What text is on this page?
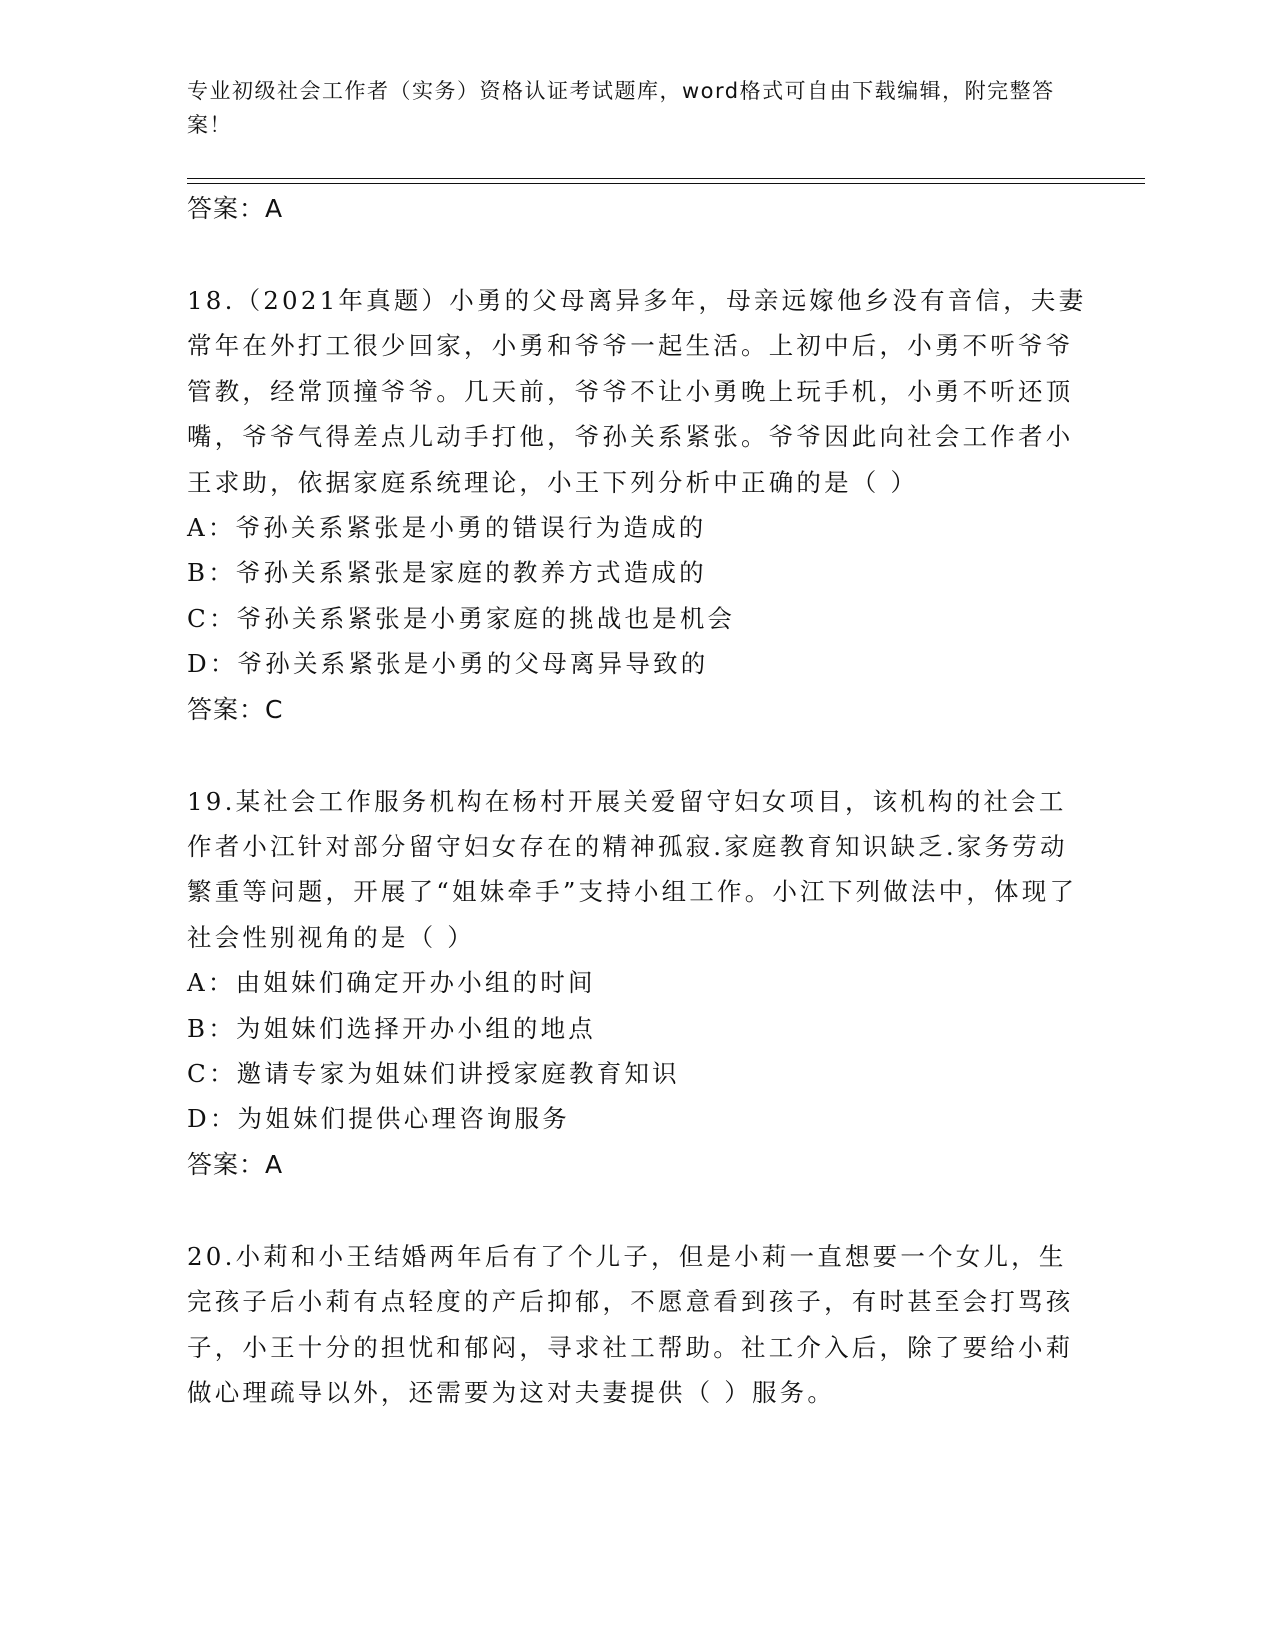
专业初级社会工作者（实务）资格认证考试题库，word格式可自由下载编辑，附完整答案！
答案：A
18.（2021年真题）小勇的父母离异多年，母亲远嫁他乡没有音信，夫妻常年在外打工很少回家，小勇和爷爷一起生活。上初中后，小勇不听爷爷管教，经常顶撞爷爷。几天前，爷爷不让小勇晚上玩手机，小勇不听还顶嘴，爷爷气得差点儿动手打他，爷孙关系紧张。爷爷因此向社会工作者小王求助，依据家庭系统理论，小王下列分析中正确的是（ ）
A：爷孙关系紧张是小勇的错误行为造成的
B：爷孙关系紧张是家庭的教养方式造成的
C：爷孙关系紧张是小勇家庭的挑战也是机会
D：爷孙关系紧张是小勇的父母离异导致的
答案：C
19.某社会工作服务机构在杨村开展关爱留守妇女项目，该机构的社会工作者小江针对部分留守妇女存在的精神孤寂.家庭教育知识缺乏.家务劳动繁重等问题，开展了“姐妹牵手”支持小组工作。小江下列做法中，体现了社会性别视角的是（ ）
A：由姐妹们确定开办小组的时间
B：为姐妹们选择开办小组的地点
C：邀请专家为姐妹们讲授家庭教育知识
D：为姐妹们提供心理咨询服务
答案：A
20.小莉和小王结婚两年后有了个儿子，但是小莉一直想要一个女儿，生完孩子后小莉有点轻度的产后抑郁，不愿意看到孩子，有时甚至会打骂孩子，小王十分的担忧和郁闷，寻求社工帮助。社工介入后，除了要给小莉做心理疏导以外，还需要为这对夫妻提供（ ）服务。
